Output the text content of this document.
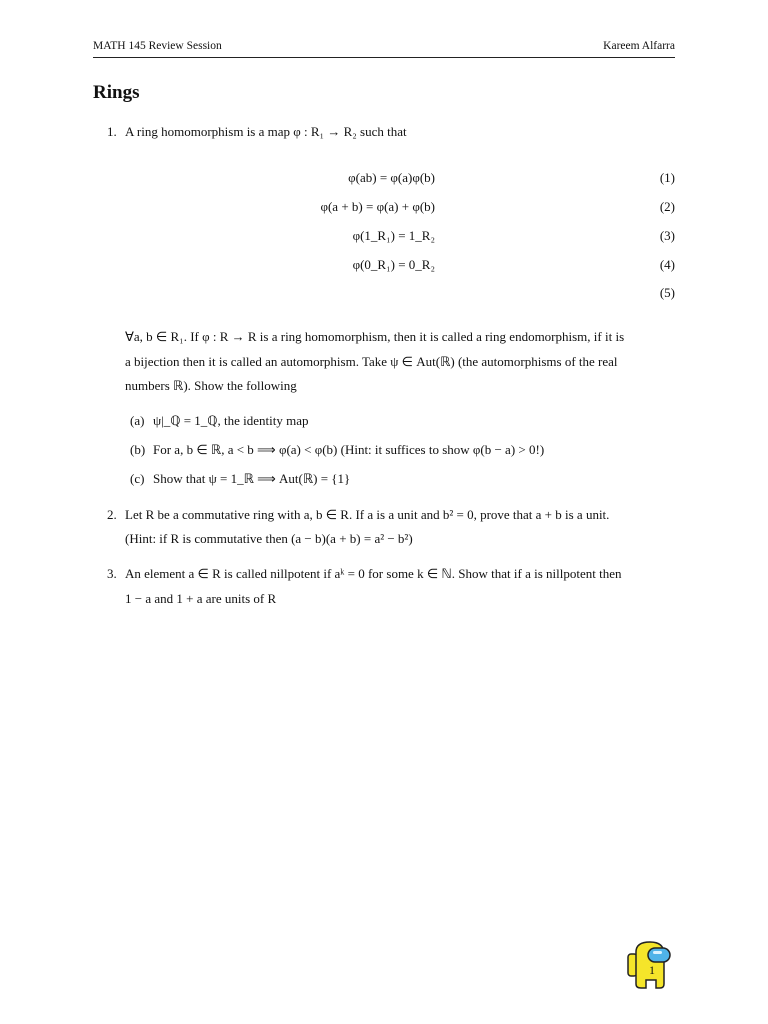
MATH 145 Review Session	Kareem Alfarra
Rings
1. A ring homomorphism is a map φ : R₁ → R₂ such that
φ(ab) = φ(a)φ(b)	(1)
φ(a + b) = φ(a) + φ(b)	(2)
φ(1_R₁) = 1_R₂	(3)
φ(0_R₁) = 0_R₂	(4)
(5)
∀a, b ∈ R₁. If φ : R → R is a ring homomorphism, then it is called a ring endomorphism, if it is
a bijection then it is called an automorphism. Take ψ ∈ Aut(ℝ) (the automorphisms of the real
numbers ℝ). Show the following
(a) ψ|_ℚ = 1_ℚ, the identity map
(b) For a, b ∈ ℝ, a < b ⟹ φ(a) < φ(b) (Hint: it suffices to show φ(b − a) > 0!)
(c) Show that ψ = 1_ℝ ⟹ Aut(ℝ) = {1}
2. Let R be a commutative ring with a, b ∈ R. If a is a unit and b² = 0, prove that a + b is a unit.
(Hint: if R is commutative then (a − b)(a + b) = a² − b²)
3. An element a ∈ R is called nillpotent if aᵏ = 0 for some k ∈ ℕ. Show that if a is nillpotent then
1 − a and 1 + a are units of R
1
